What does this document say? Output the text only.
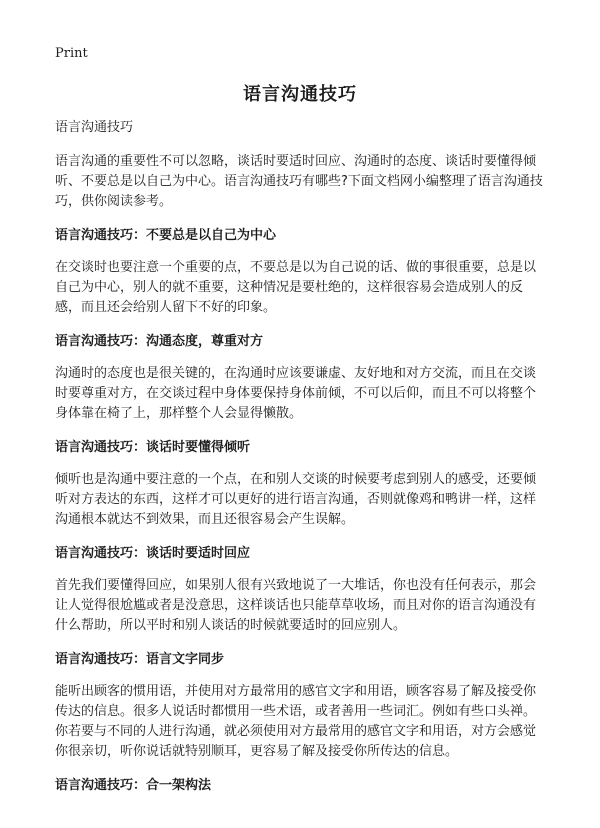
Print
语言沟通技巧

语言沟通技巧

语言沟通的重要性不可以忽略，谈话时要适时回应、沟通时的态度、谈话时要懂得倾听、不要总是以自己为中心。语言沟通技巧有哪些?下面文档网小编整理了语言沟通技巧，供你阅读参考。

语言沟通技巧：不要总是以自己为中心

在交谈时也要注意一个重要的点，不要总是以为自己说的话、做的事很重要，总是以自己为中心，别人的就不重要，这种情况是要杜绝的，这样很容易会造成别人的反感，而且还会给别人留下不好的印象。

语言沟通技巧：沟通态度，尊重对方

沟通时的态度也是很关键的，在沟通时应该要谦虚、友好地和对方交流，而且在交谈时要尊重对方，在交谈过程中身体要保持身体前倾，不可以后仰，而且不可以将整个身体靠在椅了上，那样整个人会显得懒散。

语言沟通技巧：谈话时要懂得倾听

倾听也是沟通中要注意的一个点，在和别人交谈的时候要考虑到别人的感受，还要倾听对方表达的东西，这样才可以更好的进行语言沟通，否则就像鸡和鸭讲一样，这样沟通根本就达不到效果，而且还很容易会产生误解。

语言沟通技巧：谈话时要适时回应

首先我们要懂得回应，如果别人很有兴致地说了一大堆话，你也没有任何表示，那会让人觉得很尬尴或者是没意思，这样谈话也只能草草收场，而且对你的语言沟通没有什么帮助，所以平时和别人谈话的时候就要适时的回应别人。

语言沟通技巧：语言文字同步

能听出顾客的惯用语，并使用对方最常用的感官文字和用语，顾客容易了解及接受你传达的信息。很多人说话时都惯用一些术语，或者善用一些词汇。例如有些口头禅。你若要与不同的人进行沟通，就必须使用对方最常用的感官文字和用语，对方会感觉你很亲切，听你说话就特别顺耳，更容易了解及接受你所传达的信息。

语言沟通技巧：合一架构法
